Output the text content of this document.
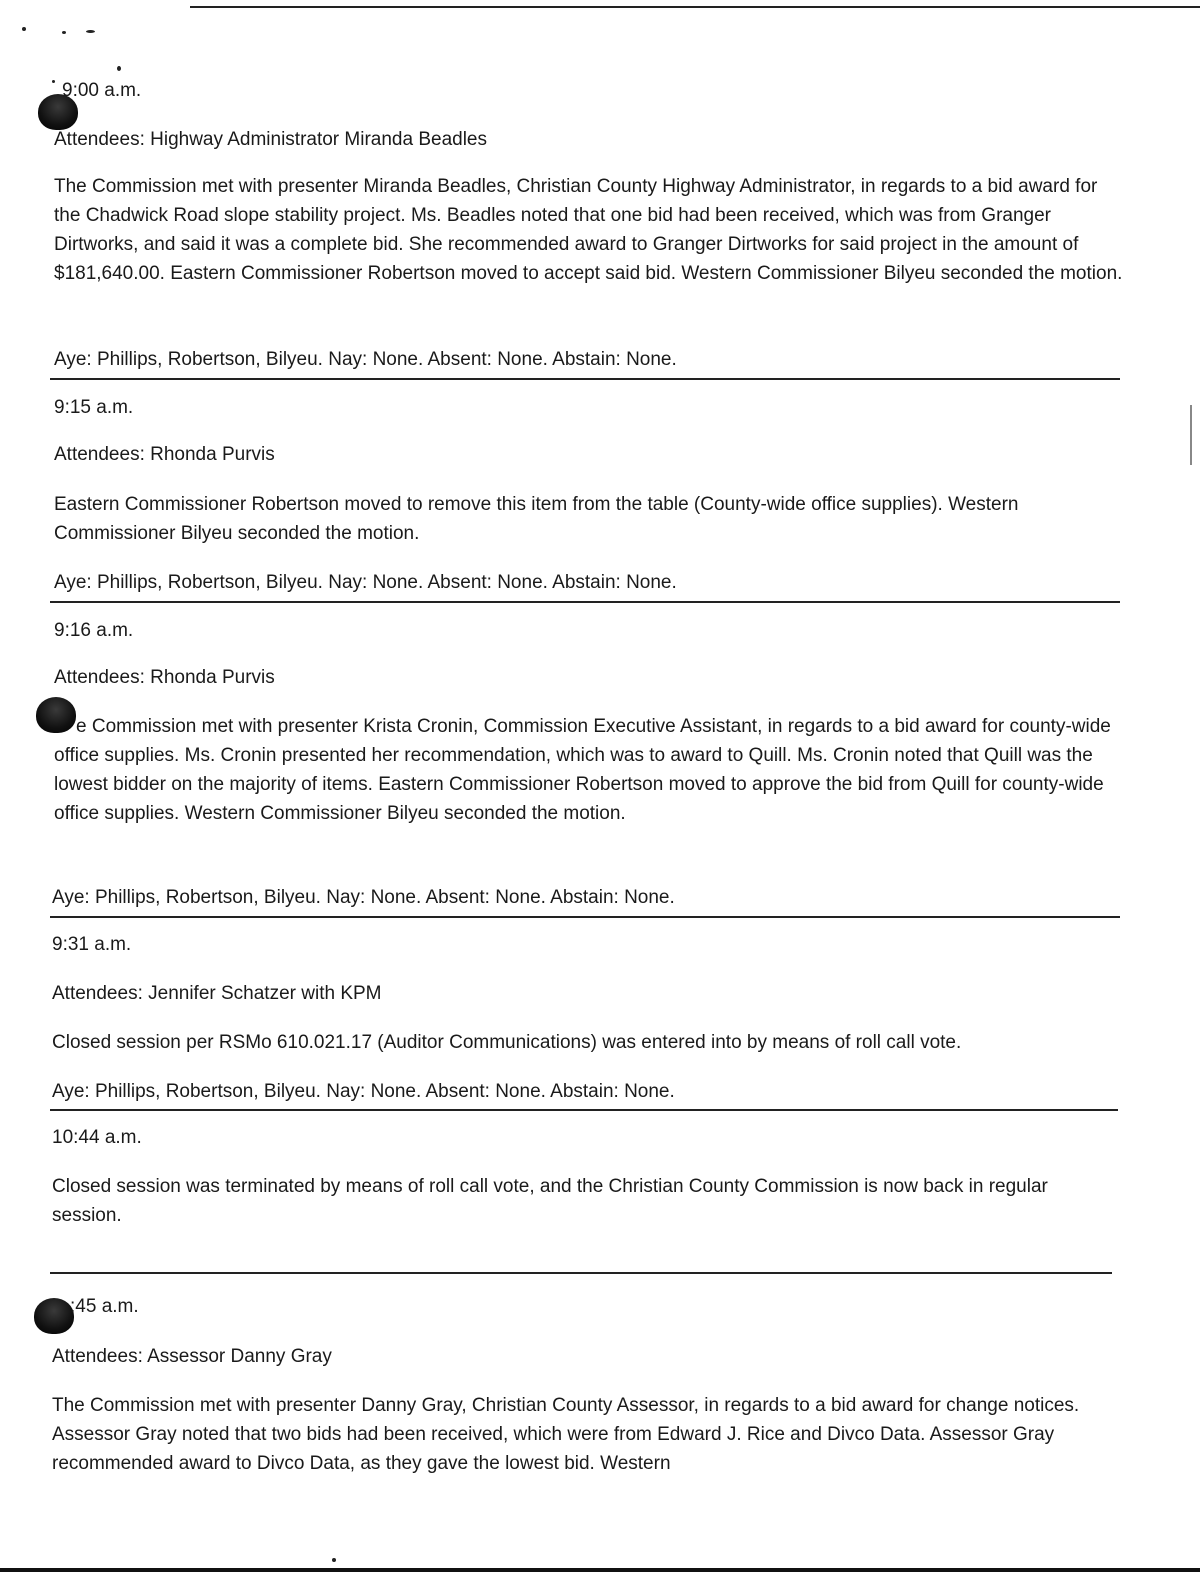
9:00 a.m.
Attendees: Highway Administrator Miranda Beadles
The Commission met with presenter Miranda Beadles, Christian County Highway Administrator, in regards to a bid award for the Chadwick Road slope stability project. Ms. Beadles noted that one bid had been received, which was from Granger Dirtworks, and said it was a complete bid. She recommended award to Granger Dirtworks for said project in the amount of $181,640.00. Eastern Commissioner Robertson moved to accept said bid. Western Commissioner Bilyeu seconded the motion.
Aye: Phillips, Robertson, Bilyeu. Nay: None. Absent: None. Abstain: None.
9:15 a.m.
Attendees: Rhonda Purvis
Eastern Commissioner Robertson moved to remove this item from the table (County-wide office supplies). Western Commissioner Bilyeu seconded the motion.
Aye: Phillips, Robertson, Bilyeu. Nay: None. Absent: None. Abstain: None.
9:16 a.m.
Attendees: Rhonda Purvis
e Commission met with presenter Krista Cronin, Commission Executive Assistant, in regards to a bid award for county-wide office supplies. Ms. Cronin presented her recommendation, which was to award to Quill. Ms. Cronin noted that Quill was the lowest bidder on the majority of items. Eastern Commissioner Robertson moved to approve the bid from Quill for county-wide office supplies. Western Commissioner Bilyeu seconded the motion.
Aye: Phillips, Robertson, Bilyeu. Nay: None. Absent: None. Abstain: None.
9:31 a.m.
Attendees: Jennifer Schatzer with KPM
Closed session per RSMo 610.021.17 (Auditor Communications) was entered into by means of roll call vote.
Aye: Phillips, Robertson, Bilyeu. Nay: None. Absent: None. Abstain: None.
10:44 a.m.
Closed session was terminated by means of roll call vote, and the Christian County Commission is now back in regular session.
:45 a.m.
Attendees: Assessor Danny Gray
The Commission met with presenter Danny Gray, Christian County Assessor, in regards to a bid award for change notices. Assessor Gray noted that two bids had been received, which were from Edward J. Rice and Divco Data. Assessor Gray recommended award to Divco Data, as they gave the lowest bid. Western
